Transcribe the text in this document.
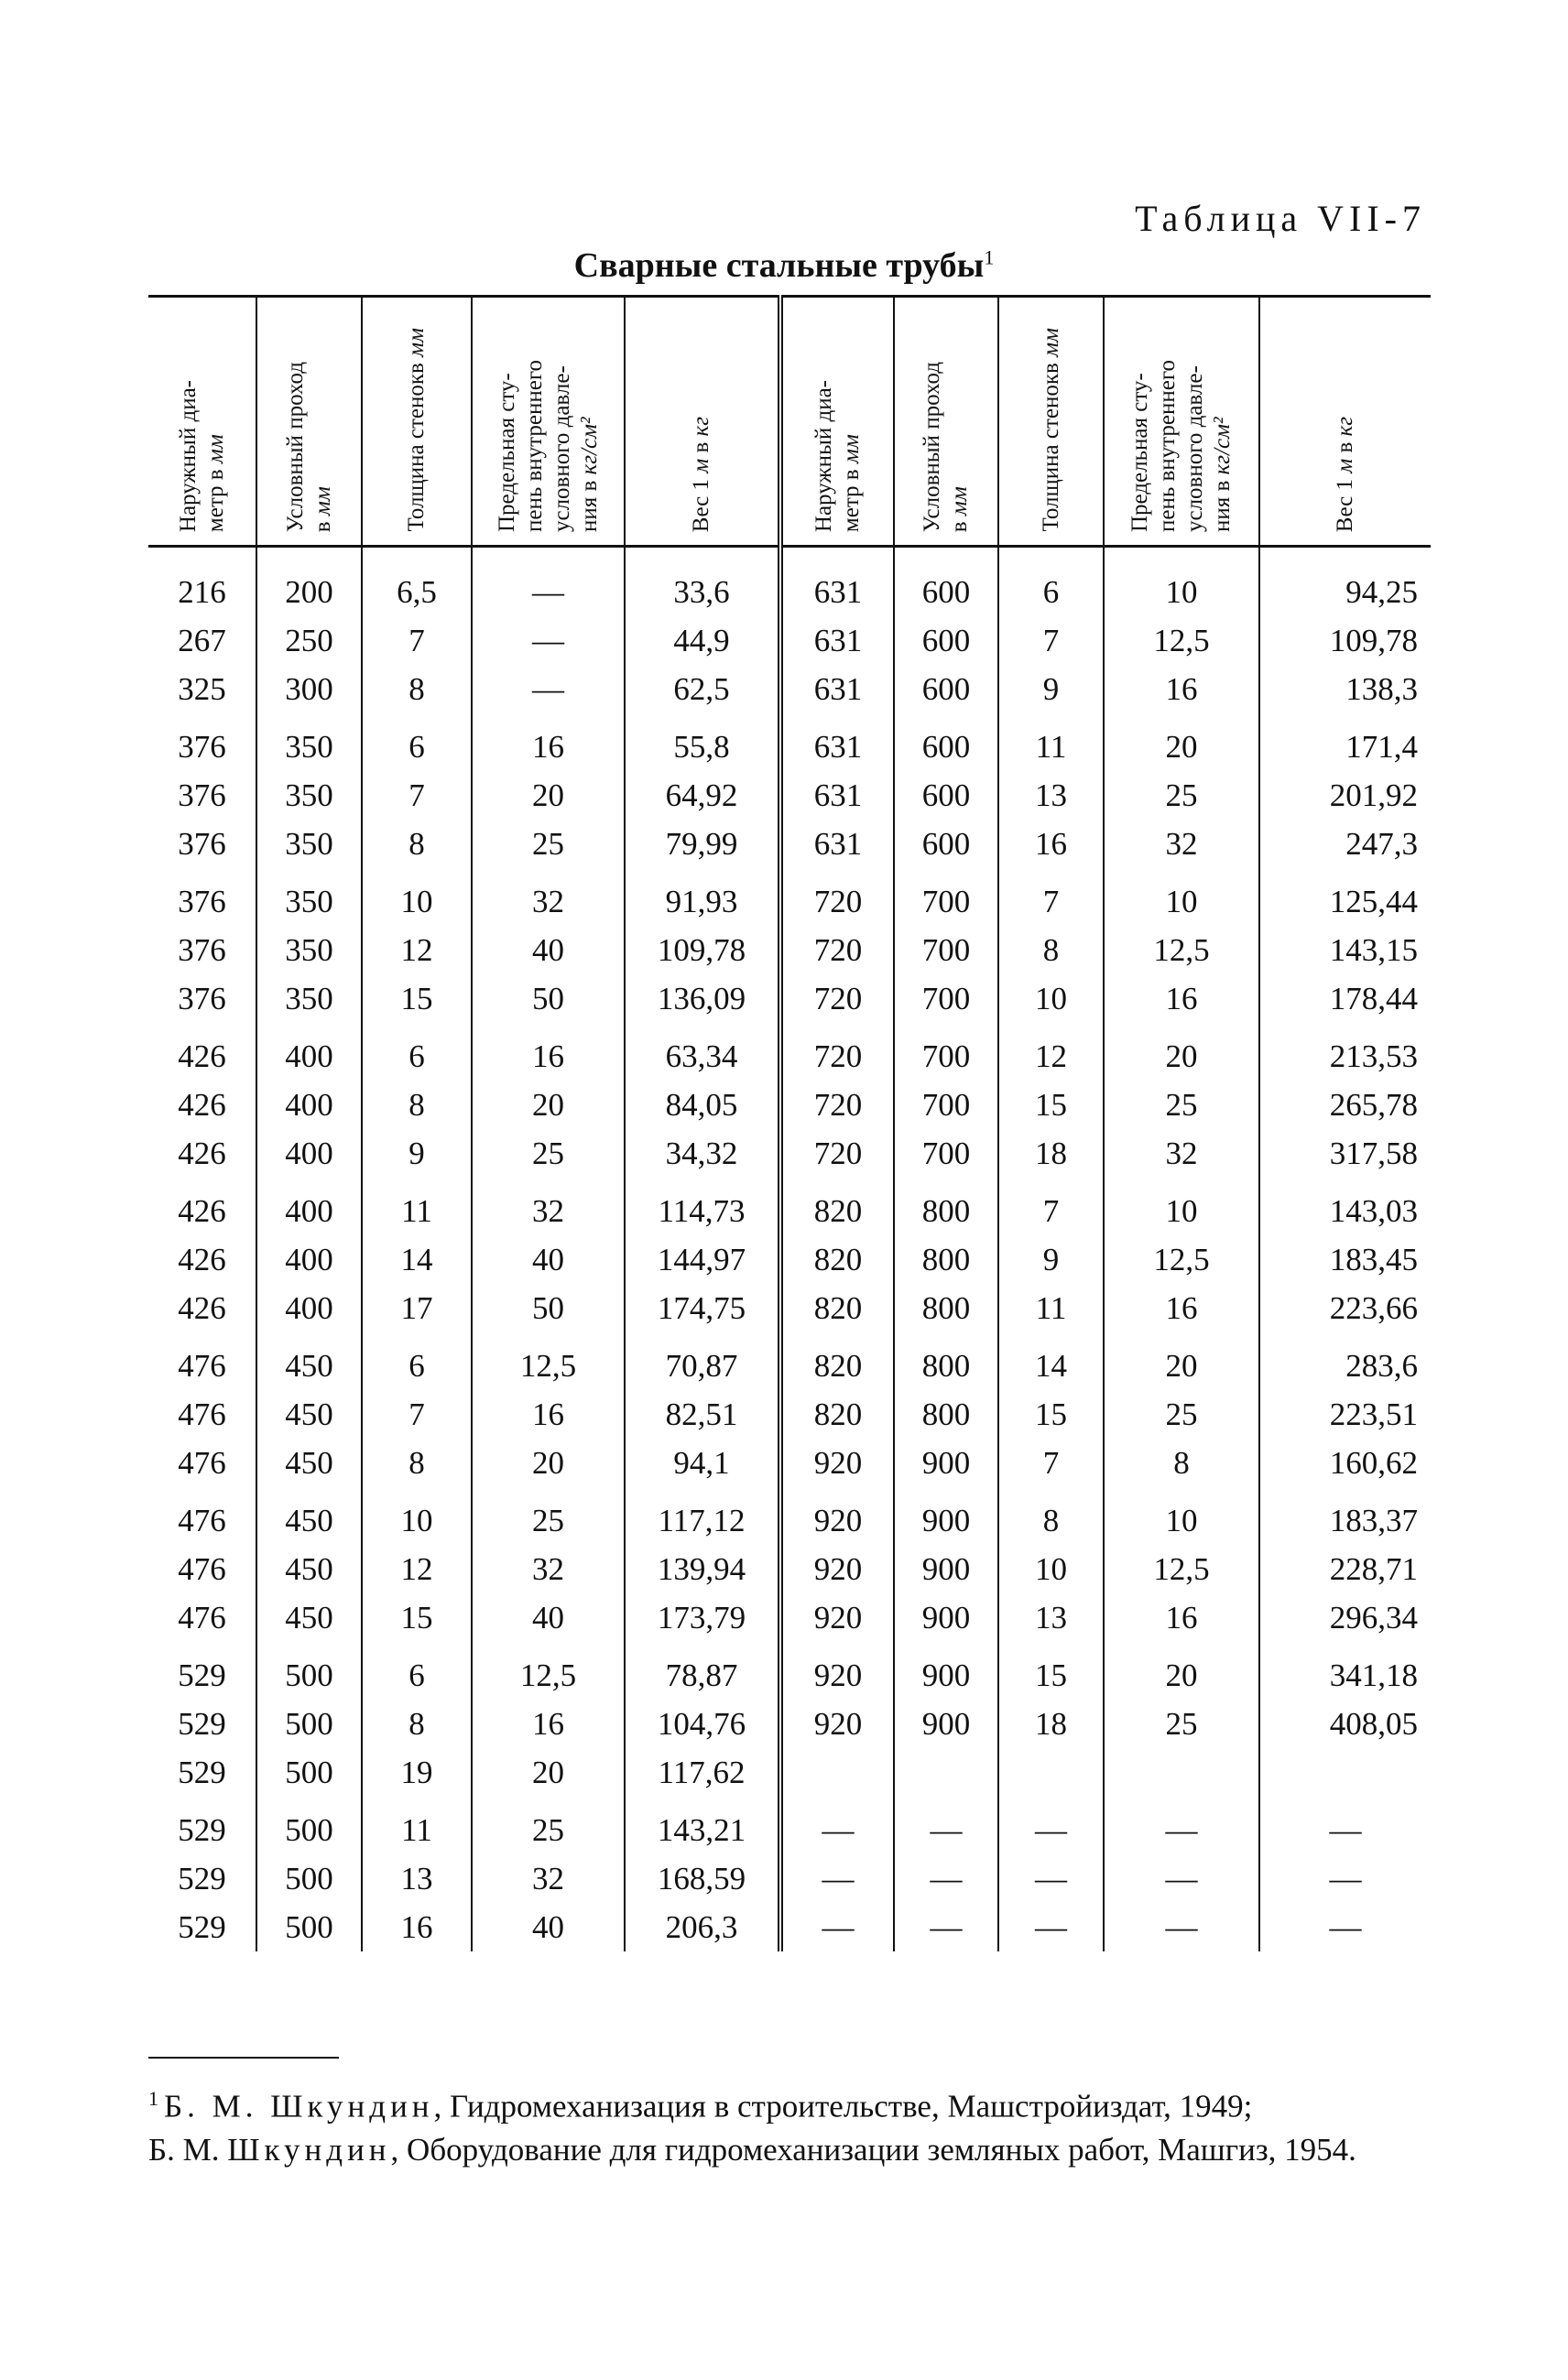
Таблица VII-7
Сварные стальные трубы$^1$
Наружный диа- метр в мм	Условный проход в мм	Толщина стенокв мм	Предельная сту- пень внутреннего условного давле- ния в кг/см²	Вес 1 м в кг	Наружный диа- метр в мм	Условный проход в мм	Толщина стенокв мм	Предельная сту- пень внутреннего условного давле- ния в кг/см²	Вес 1 м в кг

216	200	6,5	—	33,6	631	600	6	10	94,25
267	250	7	—	44,9	631	600	7	12,5	109,78
325	300	8	—	62,5	631	600	9	16	138,3
376	350	6	16	55,8	631	600	11	20	171,4
376	350	7	20	64,92	631	600	13	25	201,92
376	350	8	25	79,99	631	600	16	32	247,3
376	350	10	32	91,93	720	700	7	10	125,44
376	350	12	40	109,78	720	700	8	12,5	143,15
376	350	15	50	136,09	720	700	10	16	178,44
426	400	6	16	63,34	720	700	12	20	213,53
426	400	8	20	84,05	720	700	15	25	265,78
426	400	9	25	34,32	720	700	18	32	317,58
426	400	11	32	114,73	820	800	7	10	143,03
426	400	14	40	144,97	820	800	9	12,5	183,45
426	400	17	50	174,75	820	800	11	16	223,66
476	450	6	12,5	70,87	820	800	14	20	283,6
476	450	7	16	82,51	820	800	15	25	223,51
476	450	8	20	94,1	920	900	7	8	160,62
476	450	10	25	117,12	920	900	8	10	183,37
476	450	12	32	139,94	920	900	10	12,5	228,71
476	450	15	40	173,79	920	900	13	16	296,34
529	500	6	12,5	78,87	920	900	15	20	341,18
529	500	8	16	104,76	920	900	18	25	408,05
529	500	19	20	117,62					
529	500	11	25	143,21	—	—	—	—	—
529	500	13	32	168,59	—	—	—	—	—
529	500	16	40	206,3	—	—	—	—	—
$^1$ Б. М. Шкундин, Гидромеханизация в строительстве, Машстройиздат, 1949;
Б. М. Шкундин, Оборудование для гидромеханизации земляных работ, Машгиз, 1954.
